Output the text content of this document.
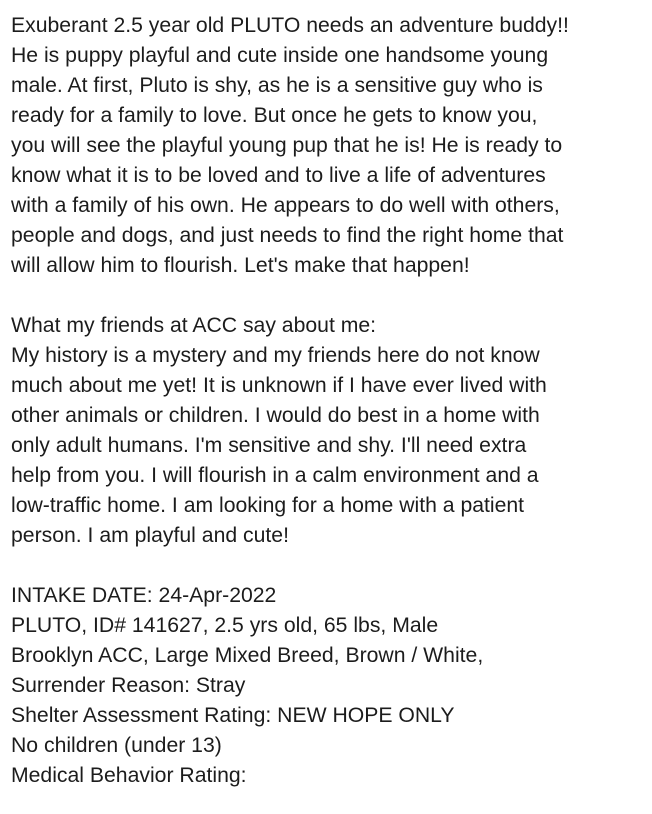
Exuberant 2.5 year old PLUTO needs an adventure buddy!!
He is puppy playful and cute inside one handsome young
male. At first, Pluto is shy, as he is a sensitive guy who is
ready for a family to love. But once he gets to know you,
you will see the playful young pup that he is! He is ready to
know what it is to be loved and to live a life of adventures
with a family of his own. He appears to do well with others,
people and dogs, and just needs to find the right home that
will allow him to flourish. Let's make that happen!
What my friends at ACC say about me:
My history is a mystery and my friends here do not know
much about me yet! It is unknown if I have ever lived with
other animals or children. I would do best in a home with
only adult humans. I'm sensitive and shy. I'll need extra
help from you. I will flourish in a calm environment and a
low-traffic home. I am looking for a home with a patient
person. I am playful and cute!
INTAKE DATE: 24-Apr-2022
PLUTO, ID# 141627, 2.5 yrs old, 65 lbs, Male
Brooklyn ACC, Large Mixed Breed, Brown / White,
Surrender Reason: Stray
Shelter Assessment Rating: NEW HOPE ONLY
No children (under 13)
Medical Behavior Rating:
